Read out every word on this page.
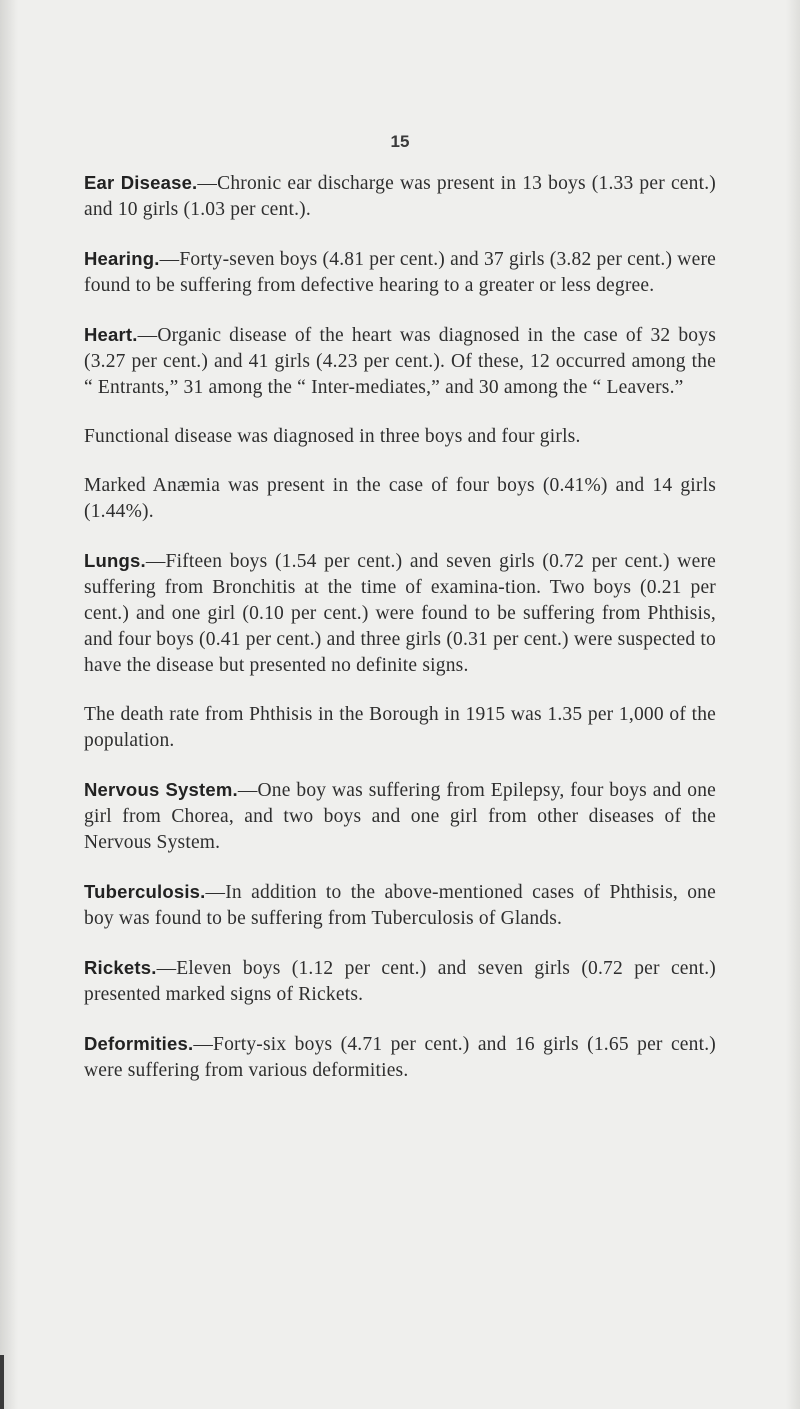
15

Ear Disease.—Chronic ear discharge was present in 13 boys (1.33 per cent.) and 10 girls (1.03 per cent.).

Hearing.—Forty-seven boys (4.81 per cent.) and 37 girls (3.82 per cent.) were found to be suffering from defective hearing to a greater or less degree.

Heart.—Organic disease of the heart was diagnosed in the case of 32 boys (3.27 per cent.) and 41 girls (4.23 per cent.). Of these, 12 occurred among the “ Entrants,” 31 among the “ Inter-mediates,” and 30 among the “ Leavers.”

Functional disease was diagnosed in three boys and four girls.

Marked Anæmia was present in the case of four boys (0.41%) and 14 girls (1.44%).

Lungs.—Fifteen boys (1.54 per cent.) and seven girls (0.72 per cent.) were suffering from Bronchitis at the time of examina-tion. Two boys (0.21 per cent.) and one girl (0.10 per cent.) were found to be suffering from Phthisis, and four boys (0.41 per cent.) and three girls (0.31 per cent.) were suspected to have the disease but presented no definite signs.

The death rate from Phthisis in the Borough in 1915 was 1.35 per 1,000 of the population.

Nervous System.—One boy was suffering from Epilepsy, four boys and one girl from Chorea, and two boys and one girl from other diseases of the Nervous System.

Tuberculosis.—In addition to the above-mentioned cases of Phthisis, one boy was found to be suffering from Tuberculosis of Glands.

Rickets.—Eleven boys (1.12 per cent.) and seven girls (0.72 per cent.) presented marked signs of Rickets.

Deformities.—Forty-six boys (4.71 per cent.) and 16 girls (1.65 per cent.) were suffering from various deformities.
